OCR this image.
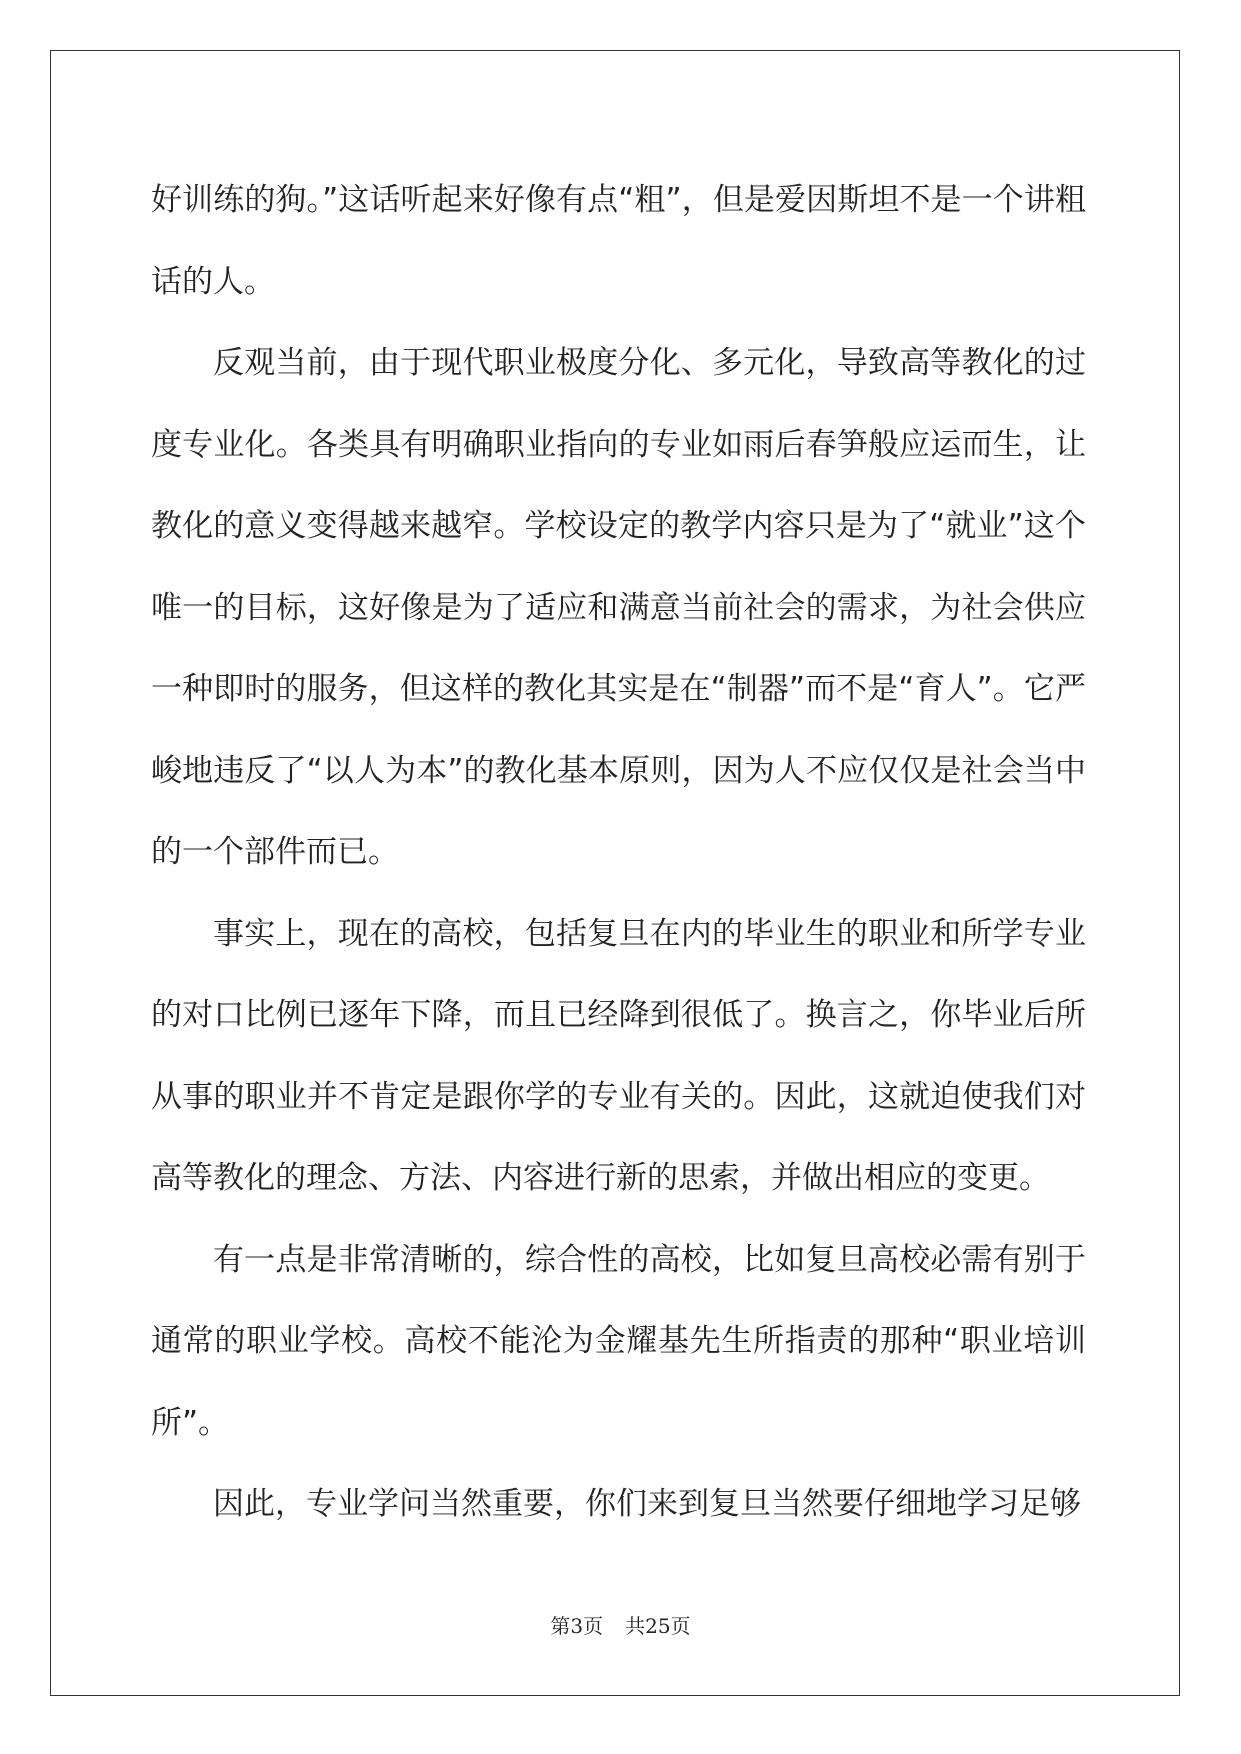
好训练的狗。”这话听起来好像有点“粗”，但是爱因斯坦不是一个讲粗话的人。

反观当前，由于现代职业极度分化、多元化，导致高等教化的过度专业化。各类具有明确职业指向的专业如雨后春笋般应运而生，让教化的意义变得越来越窄。学校设定的教学内容只是为了“就业”这个唯一的目标，这好像是为了适应和满意当前社会的需求，为社会供应一种即时的服务，但这样的教化其实是在“制器”而不是“育人”。它严峻地违反了“以人为本”的教化基本原则，因为人不应仅仅是社会当中的一个部件而已。

事实上，现在的高校，包括复旦在内的毕业生的职业和所学专业的对口比例已逐年下降，而且已经降到很低了。换言之，你毕业后所从事的职业并不肯定是跟你学的专业有关的。因此，这就迫使我们对高等教化的理念、方法、内容进行新的思索，并做出相应的变更。

有一点是非常清晰的，综合性的高校，比如复旦高校必需有别于通常的职业学校。高校不能沦为金耀基先生所指责的那种“职业培训所”。

因此，专业学问当然重要，你们来到复旦当然要仔细地学习足够

第3页 共25页
